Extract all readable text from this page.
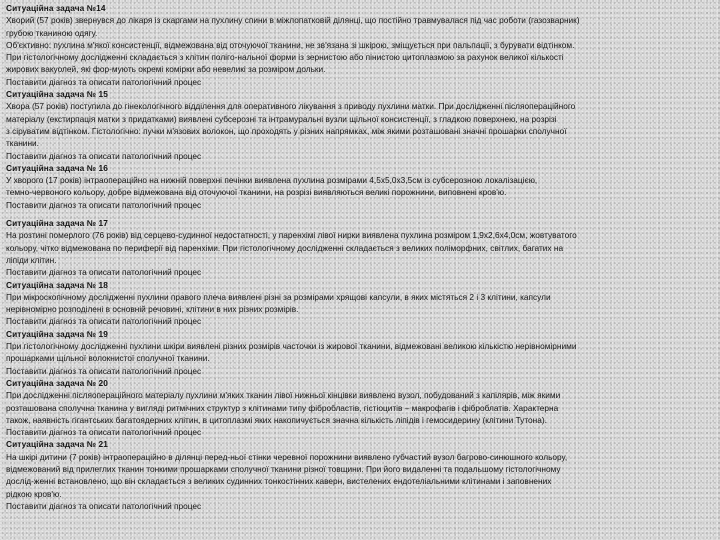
Ситуаційна задача №14
Хворий (57 років) звернувся до лікаря із скаргами на пухлину спини в міжлопатковій ділянці, що постійно травмувалася під час роботи (газозварник)
грубою тканиною одягу.
Об'єктивно: пухлина м'якої консистенції, відмежована від оточуючої тканини, не зв'язана зі шкірою, зміщується при пальпації, з бурувати відтінком.
При гістологічному дослідженні складається з клітин полігo-нальної форми із зернистою або пінистою цитоплазмою за рахунок великої кількості
жирових вакуолей, які фор-мують окремі комірки або невеликі за розміром дольки.
Поставити діагноз та описати патологічний процес
Ситуаційна задача № 15
Хвора (57 років) поступила до гінекологічного відділення для оперативного лікування з приводу пухлини матки. При дослідженні післяопераційного
матеріалу (екстирпація матки з придатками) виявлені субсерозні та інтрамуральні вузли щільної консистенції, з гладкою поверхнею, на розрізі
з сіруватим відтінком. Гістологічно: пучки м'язових волокон, що проходять у різних напрямках, між якими розташовані значні прошарки сполучної
тканини.
Поставити діагноз та описати патологічний процес
Ситуаційна задача № 16
У хворого (17 років) інтраопераційно на нижній поверхні печінки виявлена пухлина розмірами 4,5х5,0х3,5см із субсерозною локалізацією,
темно-червоного кольору, добре відмежована від оточуючої тканини, на розрізі виявляються великі порожнини, виповнені кров'ю.
Поставити діагноз та описати патологічний процес
Ситуаційна задача № 17
На розтині померлого (76 років) від серцево-судинної недостатності, у паренхімі лівої нирки виявлена пухлина розміром 1,9х2,6х4,0см, жовтуватого
кольору, чітко відмежована по периферії від паренхіми. При гістологічному дослідженні складається з великих поліморфних, світлих, багатих на
ліпіди клітин.
Поставити діагноз та описати патологічний процес
Ситуаційна задача № 18
При мікроскопічному дослідженні пухлини правого плеча виявлені різні за розмірами хрящові капсули, в яких містяться 2 і 3 клітини, капсули
нерівномірно розподілені в основній речовині, клітини в них різних розмірів.
Поставити діагноз та описати патологічний процес
Ситуаційна задача № 19
При гістологічному дослідженні пухлини шкіри виявлені різних розмірів часточки із жирової тканини, відмежовані великою кількістю нерівномірними
прошарками щільної волокнистої сполучної тканини.
Поставити діагноз та описати патологічний процес
Ситуаційна задача № 20
При дослідженні післяопераційного матеріалу пухлини м'яких тканин лівої нижньої кінцівки виявлено вузол, побудований з капілярів, між якими
розташована сполучна тканина у вигляді ритмічних структур з клітинами типу фібробластів, гістіоцитів – макрофагів і фіброблатів. Характерна
також, наявність гігантських багатоядерних клітин, в цитоплазмі яких накопичується значна кількість ліпідів і гемосидерину (клітини Тутона).
Поставити діагноз та описати патологічний процес
Ситуаційна задача № 21
На шкірі дитини (7 років) інтраопераційно в ділянці перед-ньої стінки черевної порожнини виявлено губчастий вузол багрово-синюшного кольору,
відмежований від прилеглих тканин тонкими прошарками сполучної тканини різної товщини. При його видаленні та подальшому гістологічному
дослід-женні встановлено, що він складається з великих судинних тонкостінних каверн, вистелених ендотеліальними клітинами і заповнених
рідкою кров'ю.
Поставити діагноз та описати патологічний процес
